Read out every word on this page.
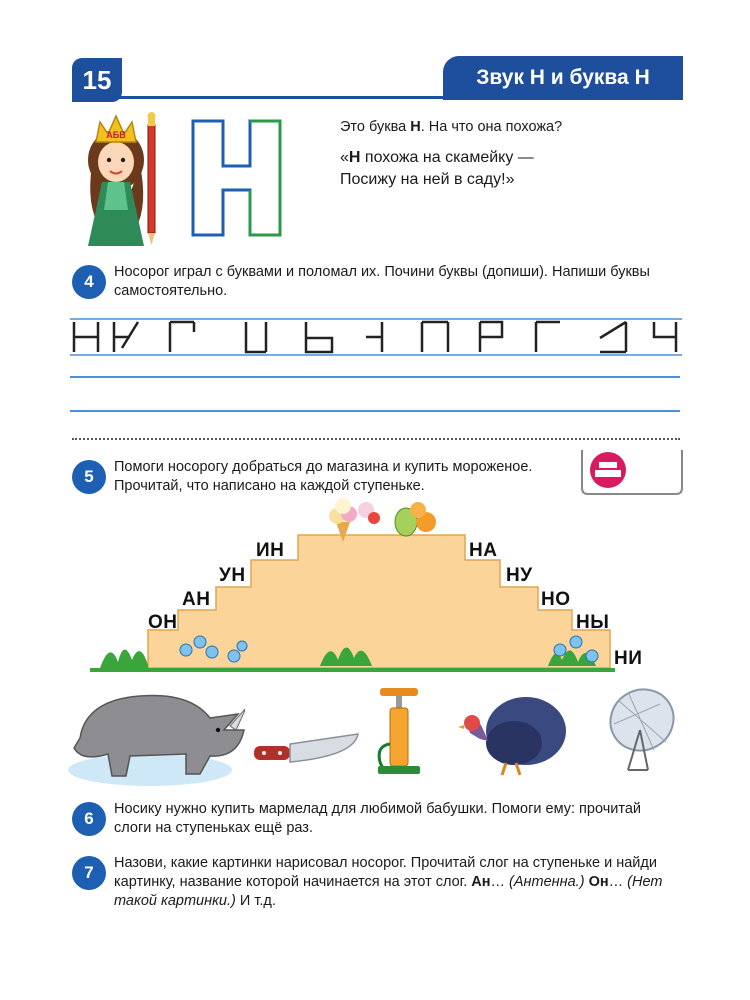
15	Звук Н и буква Н
АБВ	Это буква Н. На что она похожа?
«Н похожа на скамейку —
Посижу на ней в саду!»
4	Носорог играл с буквами и поломал их. Почини буквы (допиши). Напиши буквы самостоятельно.
5	Помоги носорогу добраться до магазина и купить мороженое.
Прочитай, что написано на каждой ступеньке.
ОН
АН
УН
ИН	НА
НУ
НО
НЫ
НИ
6	Носику нужно купить мармелад для любимой бабушки. Помоги ему: прочитай
слоги на ступеньках ещё раз.
7	Назови, какие картинки нарисовал носорог. Прочитай слог на ступеньке и найди
картинку, название которой начинается на этот слог. Ан… (Антенна.) Он… (Нет
такой картинки.) И т.д.
